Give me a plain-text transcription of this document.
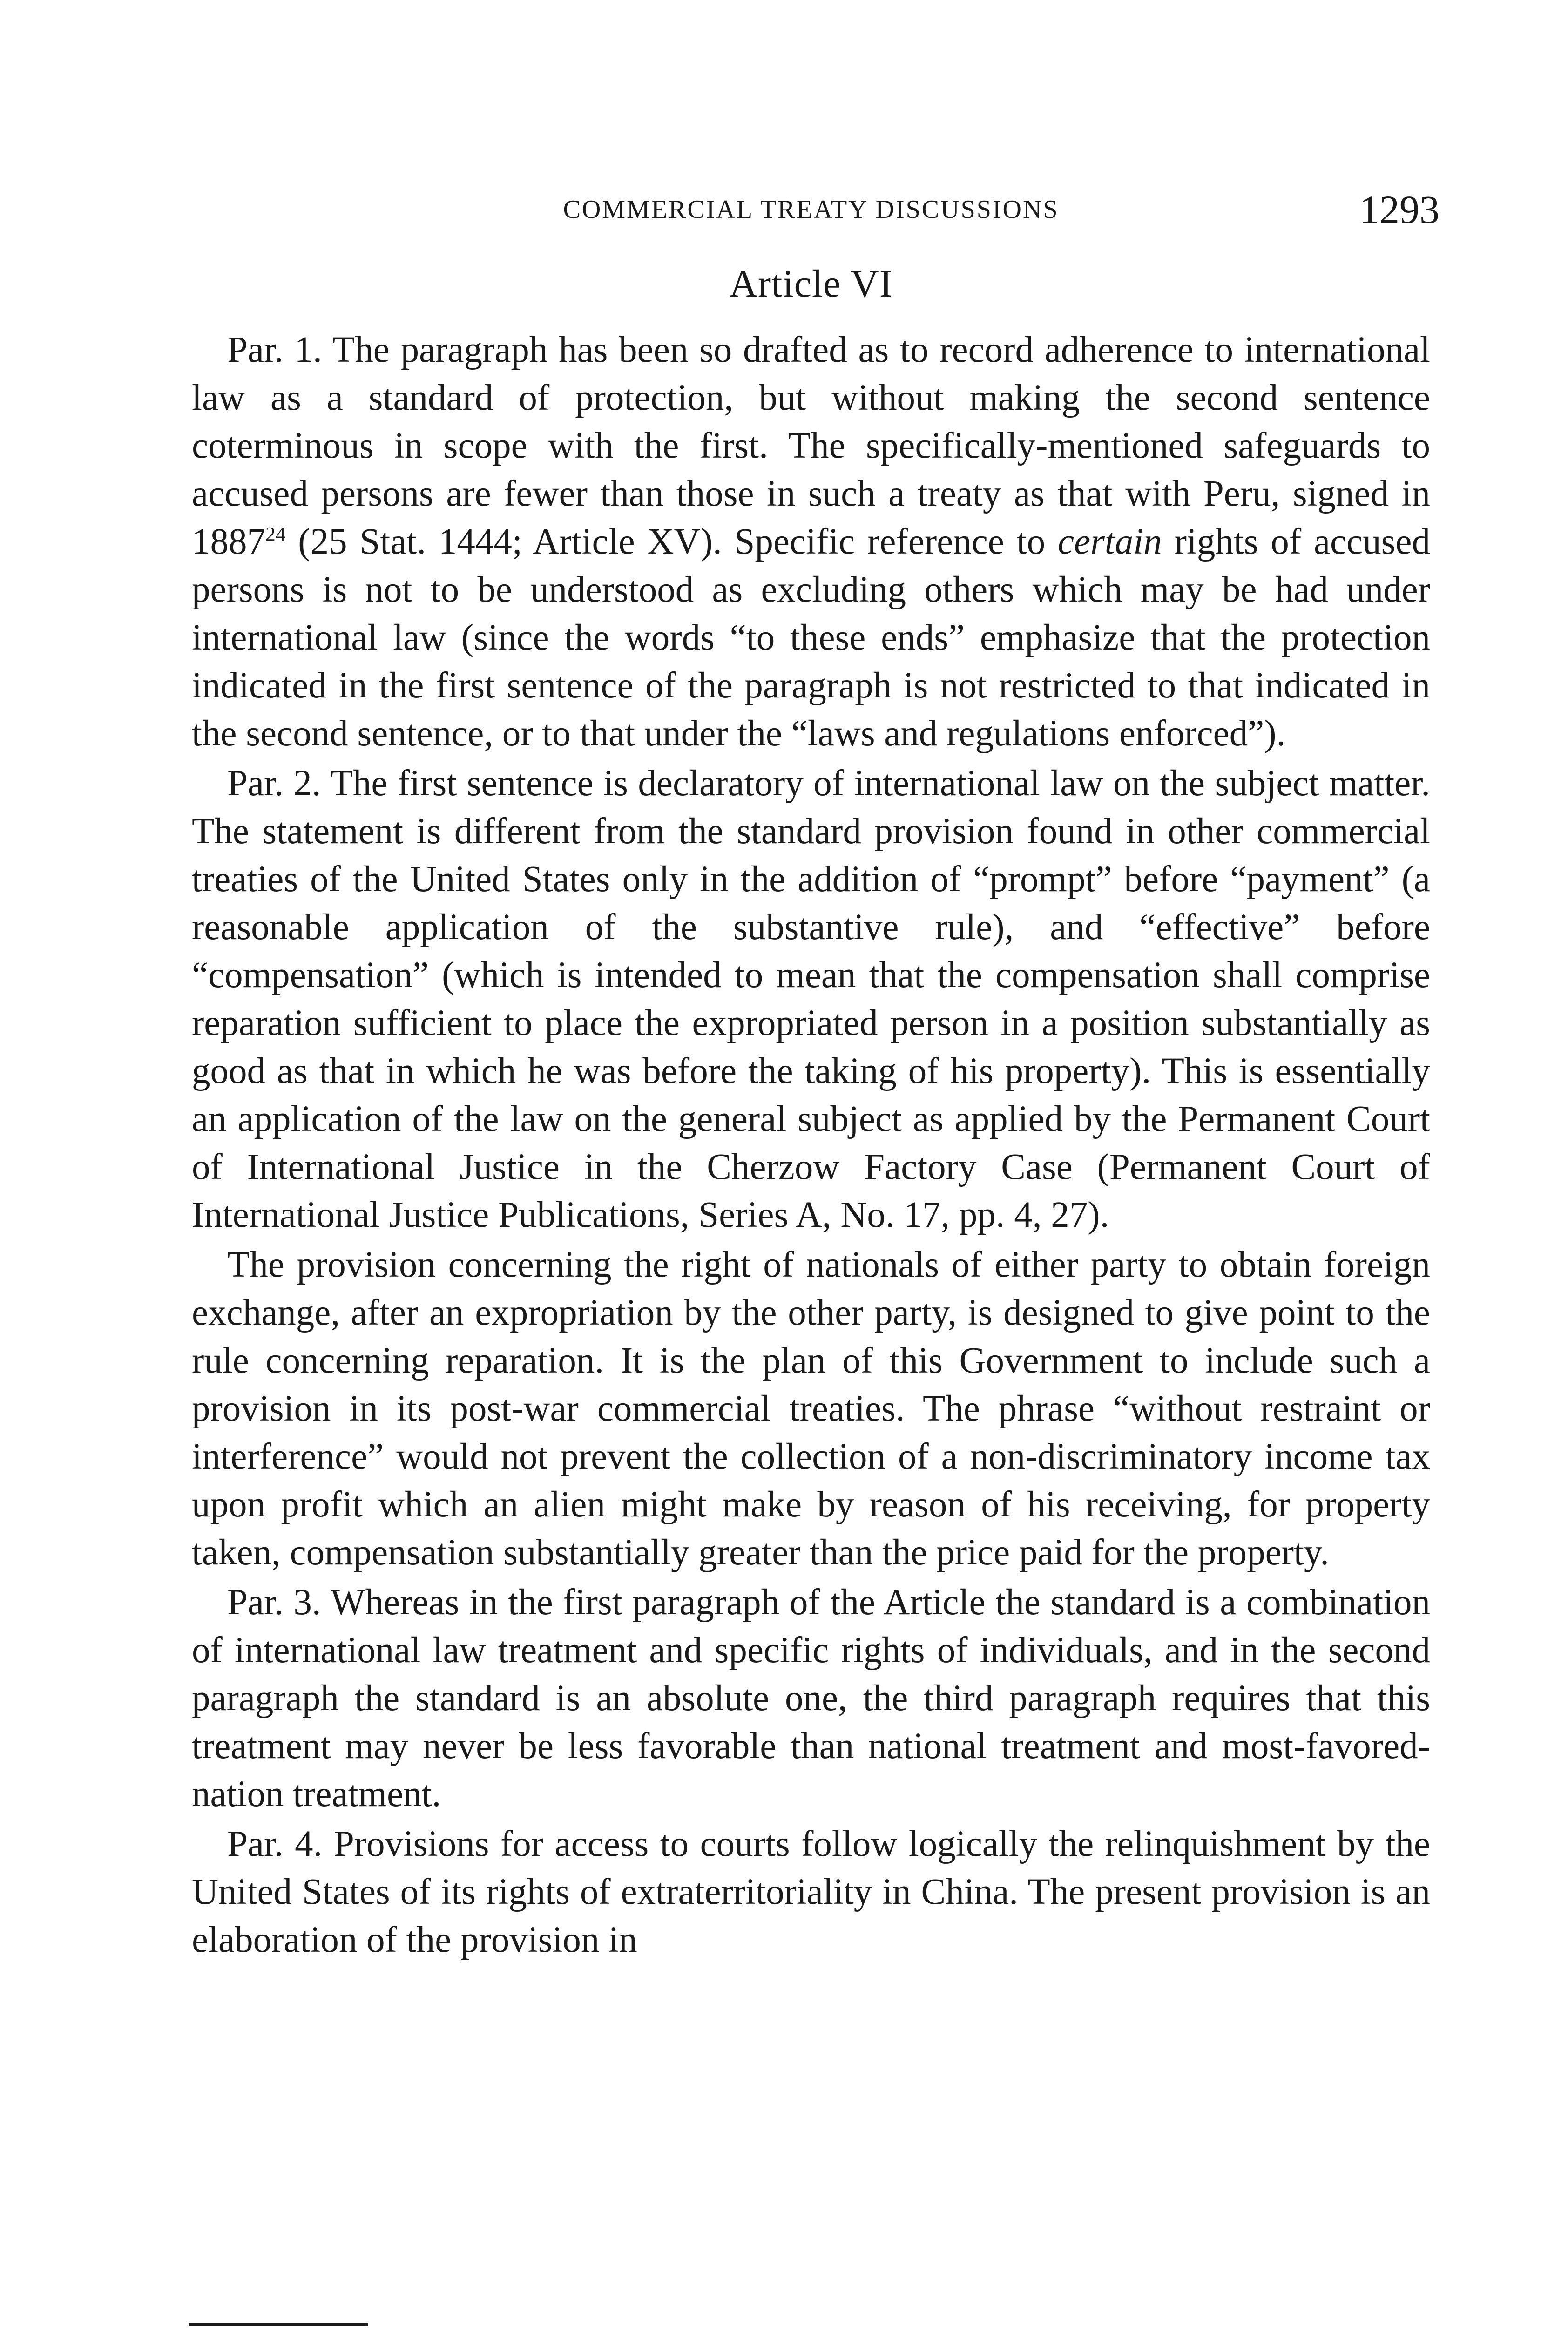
COMMERCIAL TREATY DISCUSSIONS	1293
Article VI

Par. 1. The paragraph has been so drafted as to record adherence to international law as a standard of protection, but without making the second sentence coterminous in scope with the first. The specifically-mentioned safeguards to accused persons are fewer than those in such a treaty as that with Peru, signed in 1887$^{24}$ (25 Stat. 1444; Article XV). Specific reference to certain rights of accused persons is not to be understood as excluding others which may be had under international law (since the words “to these ends” emphasize that the protection indicated in the first sentence of the paragraph is not restricted to that indicated in the second sentence, or to that under the “laws and regulations enforced”).

Par. 2. The first sentence is declaratory of international law on the subject matter. The statement is different from the standard provision found in other commercial treaties of the United States only in the addition of “prompt” before “payment” (a reasonable application of the substantive rule), and “effective” before “compensation” (which is intended to mean that the compensation shall comprise reparation sufficient to place the expropriated person in a position substantially as good as that in which he was before the taking of his property). This is essentially an application of the law on the general subject as applied by the Permanent Court of International Justice in the Cherzow Factory Case (Permanent Court of International Justice Publications, Series A, No. 17, pp. 4, 27).

The provision concerning the right of nationals of either party to obtain foreign exchange, after an expropriation by the other party, is designed to give point to the rule concerning reparation. It is the plan of this Government to include such a provision in its post-war commercial treaties. The phrase “without restraint or interference” would not prevent the collection of a non-discriminatory income tax upon profit which an alien might make by reason of his receiving, for property taken, compensation substantially greater than the price paid for the property.

Par. 3. Whereas in the first paragraph of the Article the standard is a combination of international law treatment and specific rights of individuals, and in the second paragraph the standard is an absolute one, the third paragraph requires that this treatment may never be less favorable than national treatment and most-favored-nation treatment.

Par. 4. Provisions for access to courts follow logically the relinquishment by the United States of its rights of extraterritoriality in China. The present provision is an elaboration of the provision in
